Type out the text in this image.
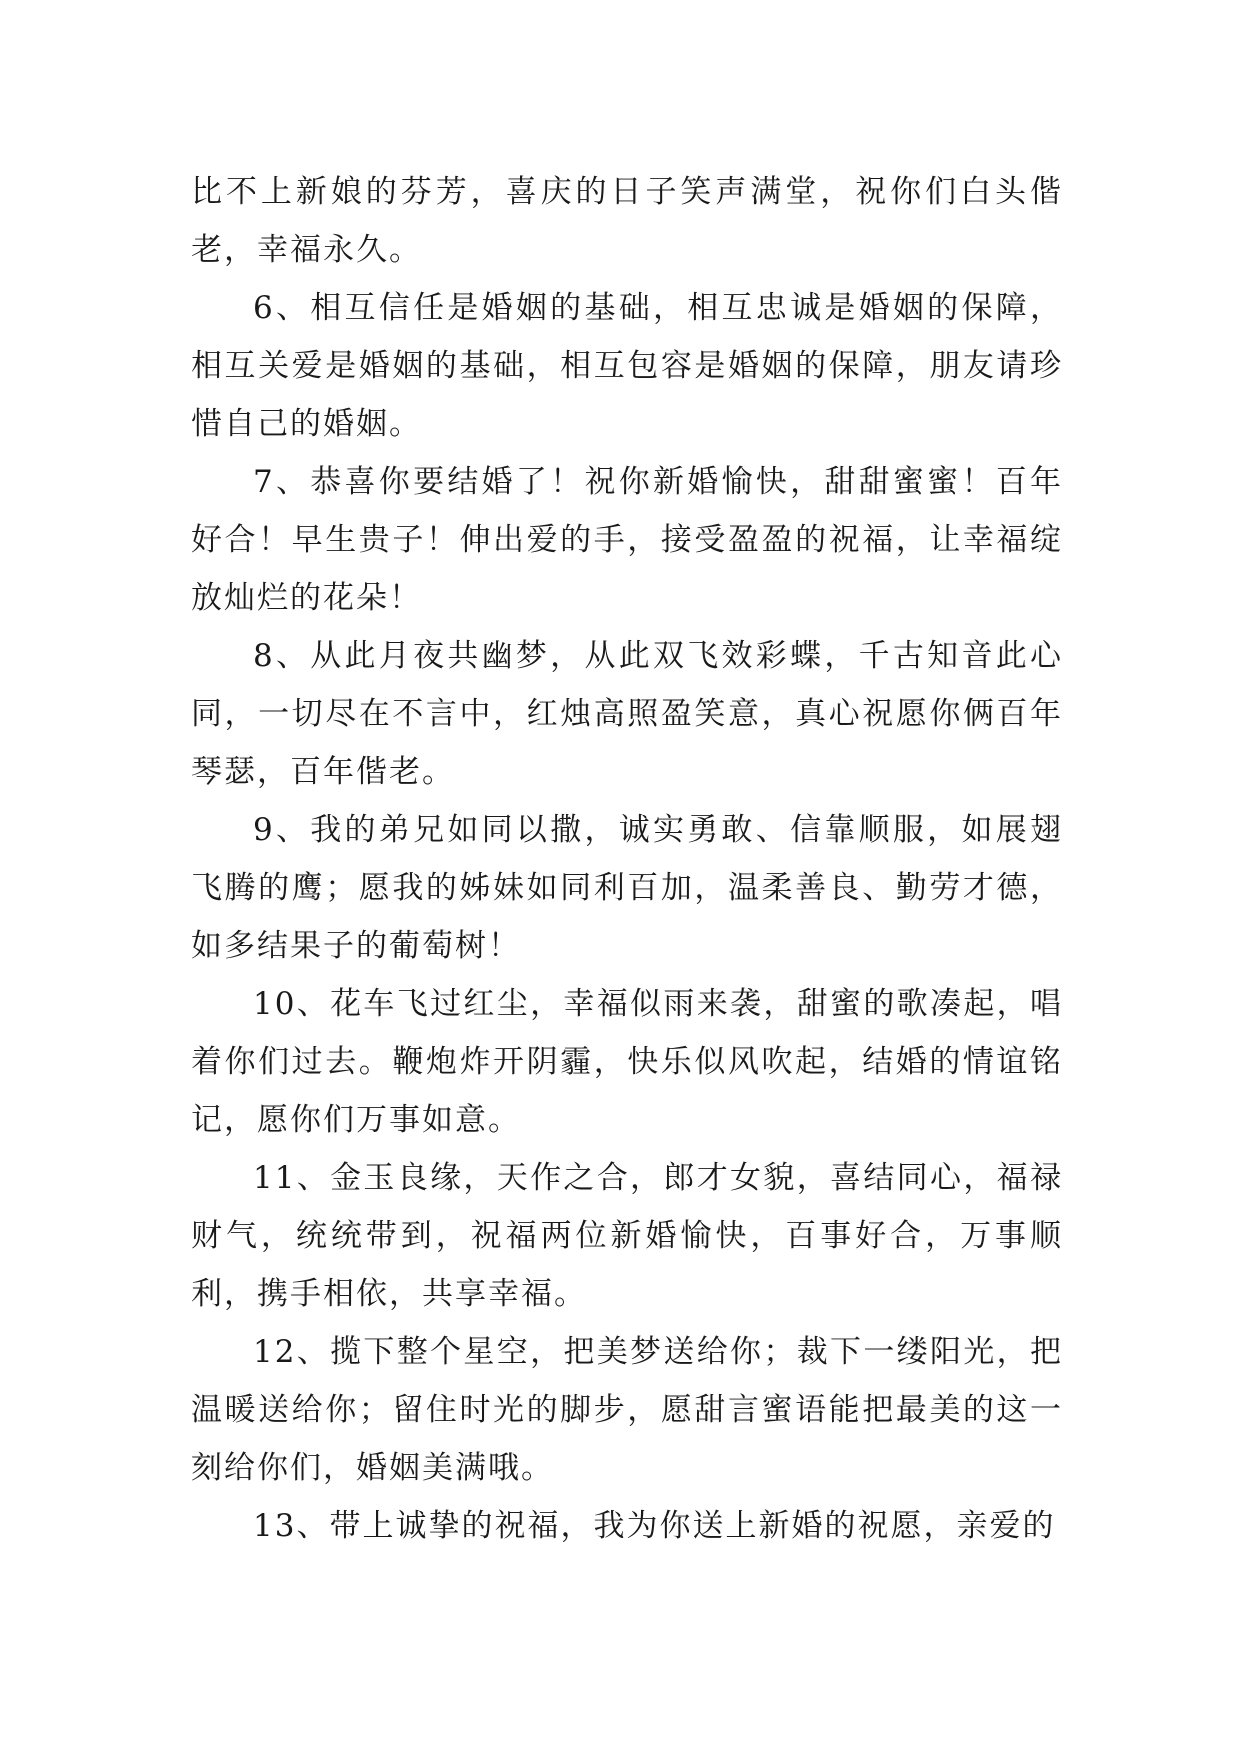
比不上新娘的芬芳，喜庆的日子笑声满堂，祝你们白头偕老，幸福永久。

6、相互信任是婚姻的基础，相互忠诚是婚姻的保障，相互关爱是婚姻的基础，相互包容是婚姻的保障，朋友请珍惜自己的婚姻。

7、恭喜你要结婚了！祝你新婚愉快，甜甜蜜蜜！百年好合！早生贵子！伸出爱的手，接受盈盈的祝福，让幸福绽放灿烂的花朵！

8、从此月夜共幽梦，从此双飞效彩蝶，千古知音此心同，一切尽在不言中，红烛高照盈笑意，真心祝愿你俩百年琴瑟，百年偕老。

9、我的弟兄如同以撒，诚实勇敢、信靠顺服，如展翅飞腾的鹰；愿我的姊妹如同利百加，温柔善良、勤劳才德，如多结果子的葡萄树！

10、花车飞过红尘，幸福似雨来袭，甜蜜的歌凑起，唱着你们过去。鞭炮炸开阴霾，快乐似风吹起，结婚的情谊铭记，愿你们万事如意。

11、金玉良缘，天作之合，郎才女貌，喜结同心，福禄财气，统统带到，祝福两位新婚愉快，百事好合，万事顺利，携手相依，共享幸福。

12、揽下整个星空，把美梦送给你；裁下一缕阳光，把温暖送给你；留住时光的脚步，愿甜言蜜语能把最美的这一刻给你们，婚姻美满哦。

13、带上诚挚的祝福，我为你送上新婚的祝愿，亲爱的
